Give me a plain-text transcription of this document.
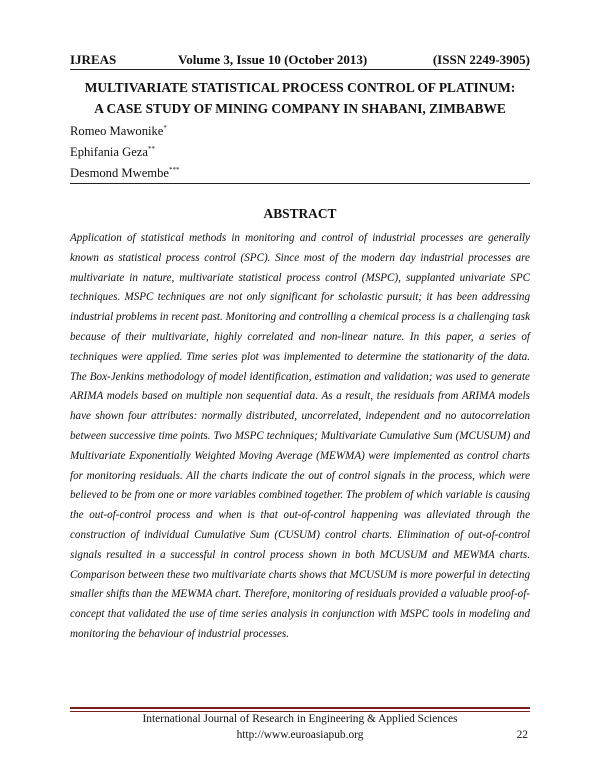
IJREAS	Volume 3, Issue 10 (October 2013)	(ISSN 2249-3905)
MULTIVARIATE STATISTICAL PROCESS CONTROL OF PLATINUM:
A CASE STUDY OF MINING COMPANY IN SHABANI, ZIMBABWE
Romeo Mawonike*
Ephifania Geza**
Desmond Mwembe***
ABSTRACT
Application of statistical methods in monitoring and control of industrial processes are generally known as statistical process control (SPC). Since most of the modern day industrial processes are multivariate in nature, multivariate statistical process control (MSPC), supplanted univariate SPC techniques. MSPC techniques are not only significant for scholastic pursuit; it has been addressing industrial problems in recent past. Monitoring and controlling a chemical process is a challenging task because of their multivariate, highly correlated and non-linear nature. In this paper, a series of techniques were applied. Time series plot was implemented to determine the stationarity of the data. The Box-Jenkins methodology of model identification, estimation and validation; was used to generate ARIMA models based on multiple non sequential data. As a result, the residuals from ARIMA models have shown four attributes: normally distributed, uncorrelated, independent and no autocorrelation between successive time points. Two MSPC techniques; Multivariate Cumulative Sum (MCUSUM) and Multivariate Exponentially Weighted Moving Average (MEWMA) were implemented as control charts for monitoring residuals. All the charts indicate the out of control signals in the process, which were believed to be from one or more variables combined together. The problem of which variable is causing the out-of-control process and when is that out-of-control happening was alleviated through the construction of individual Cumulative Sum (CUSUM) control charts. Elimination of out-of-control signals resulted in a successful in control process shown in both MCUSUM and MEWMA charts. Comparison between these two multivariate charts shows that MCUSUM is more powerful in detecting smaller shifts than the MEWMA chart. Therefore, monitoring of residuals provided a valuable proof-of-concept that validated the use of time series analysis in conjunction with MSPC tools in modeling and monitoring the behaviour of industrial processes.
International Journal of Research in Engineering & Applied Sciences
http://www.euroasiapub.org	22
